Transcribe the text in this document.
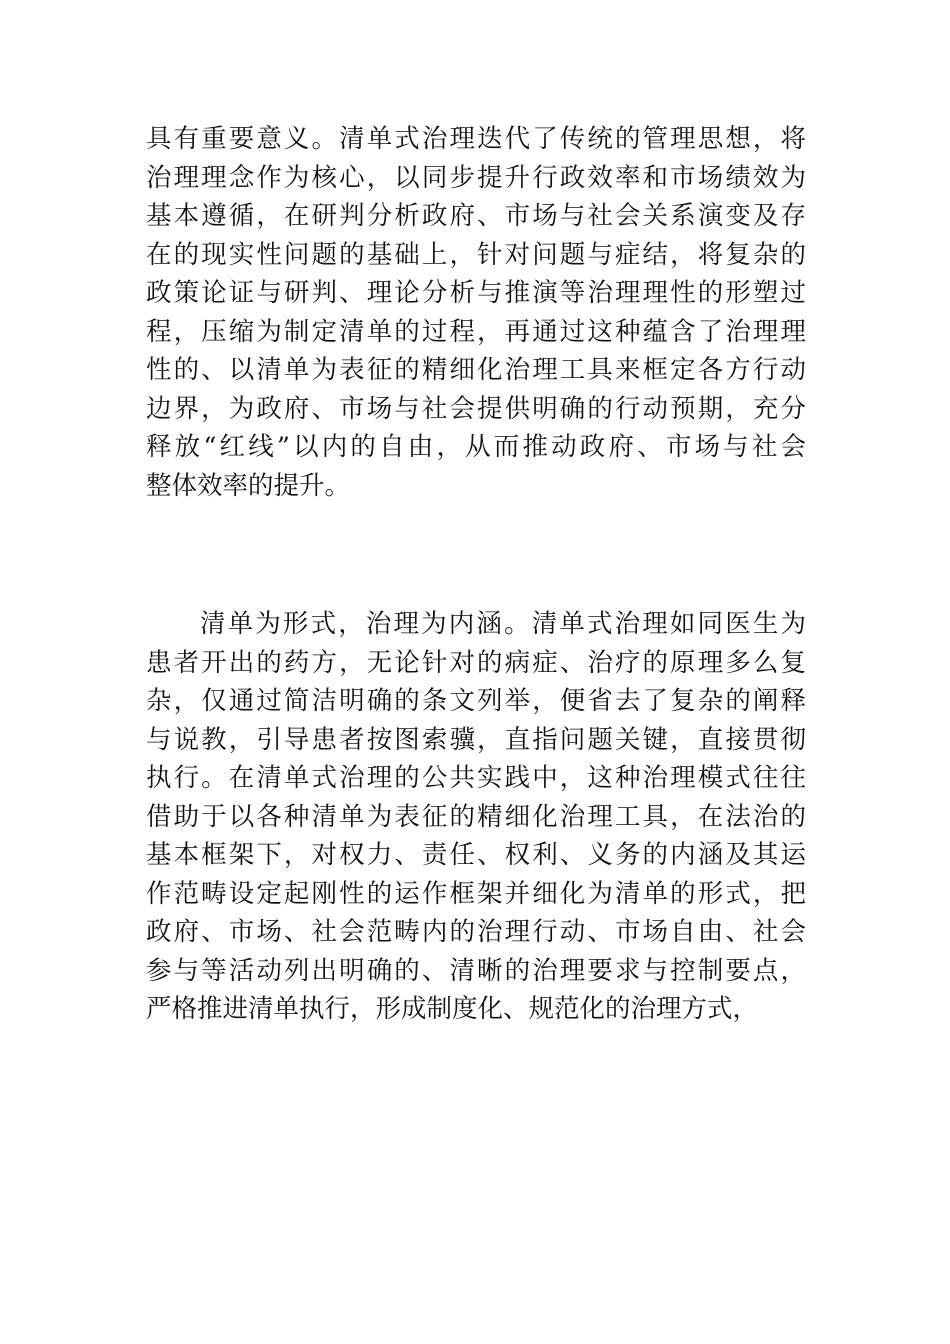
具有重要意义。清单式治理迭代了传统的管理思想，将
治理理念作为核心，以同步提升行政效率和市场绩效为
基本遵循，在研判分析政府、市场与社会关系演变及存
在的现实性问题的基础上，针对问题与症结，将复杂的
政策论证与研判、理论分析与推演等治理理性的形塑过
程，压缩为制定清单的过程，再通过这种蕴含了治理理
性的、以清单为表征的精细化治理工具来框定各方行动
边界，为政府、市场与社会提供明确的行动预期，充分
释放“红线”以内的自由，从而推动政府、市场与社会
整体效率的提升。
清单为形式，治理为内涵。清单式治理如同医生为
患者开出的药方，无论针对的病症、治疗的原理多么复
杂，仅通过简洁明确的条文列举，便省去了复杂的阐释
与说教，引导患者按图索骥，直指问题关键，直接贯彻
执行。在清单式治理的公共实践中，这种治理模式往往
借助于以各种清单为表征的精细化治理工具，在法治的
基本框架下，对权力、责任、权利、义务的内涵及其运
作范畴设定起刚性的运作框架并细化为清单的形式，把
政府、市场、社会范畴内的治理行动、市场自由、社会
参与等活动列出明确的、清晰的治理要求与控制要点，
严格推进清单执行，形成制度化、规范化的治理方式，
